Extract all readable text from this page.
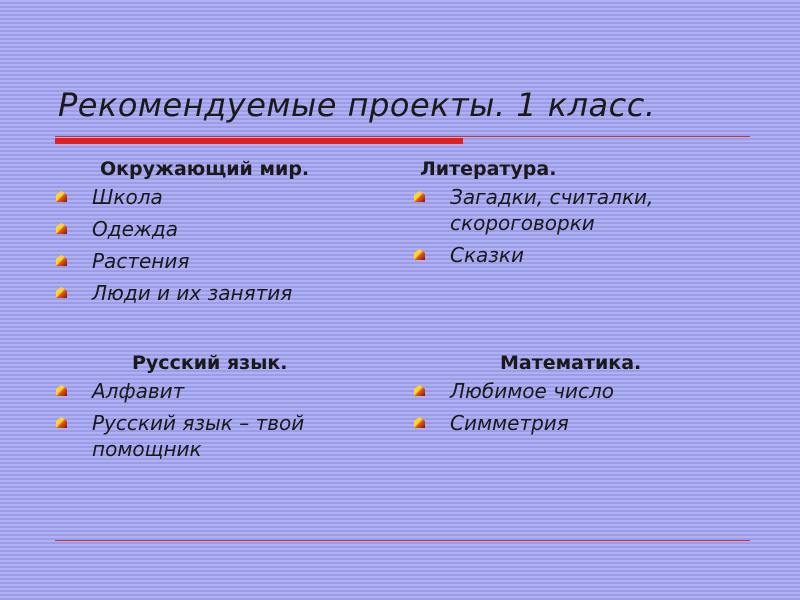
Рекомендуемые проекты. 1 класс.
Окружающий мир.
Школа
Одежда
Растения
Люди и их занятия
Литература.
Загадки, считалки, скороговорки
Сказки
Русский язык.
Алфавит
Русский язык – твой помощник
Математика.
Любимое число
Симметрия
